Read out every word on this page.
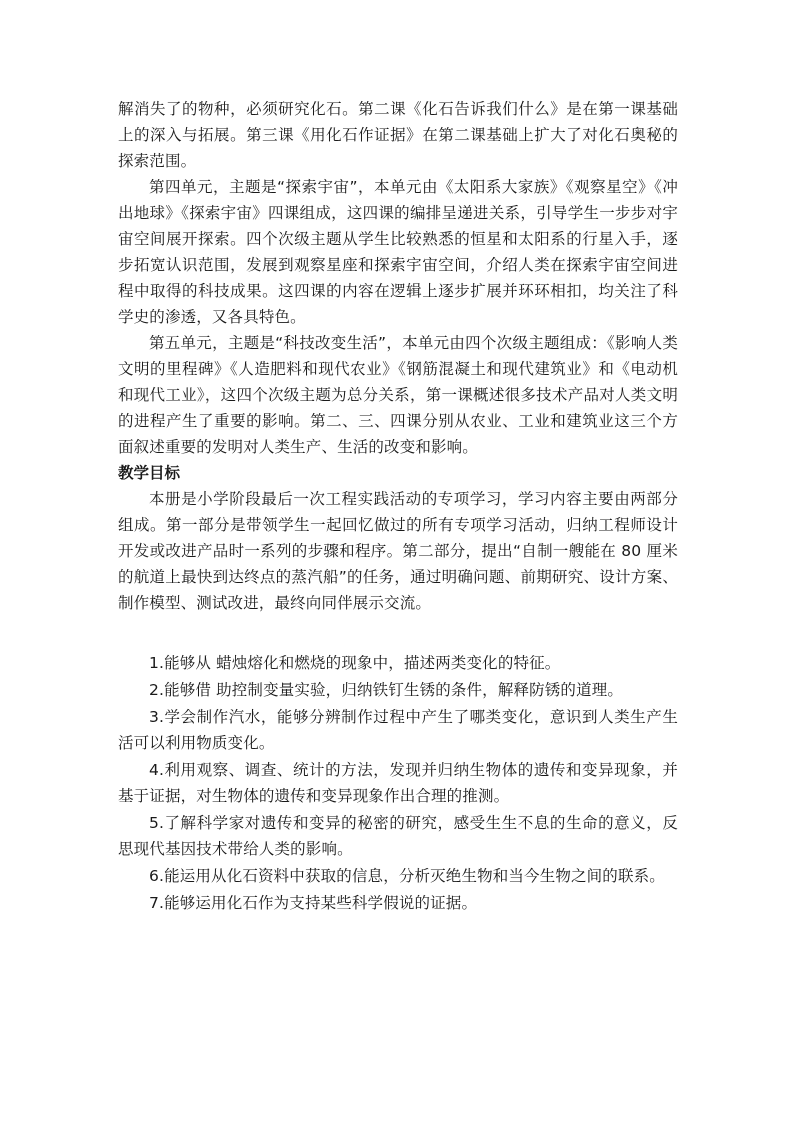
解消失了的物种，必须研究化石。第二课《化石告诉我们什么》是在第一课基础上的深入与拓展。第三课《用化石作证据》在第二课基础上扩大了对化石奥秘的探索范围。

第四单元，主题是“探索宇宙”，本单元由《太阳系大家族》《观察星空》《冲出地球》《探索宇宙》四课组成，这四课的编排呈递进关系，引导学生一步步对宇宙空间展开探索。四个次级主题从学生比较熟悉的恒星和太阳系的行星入手，逐步拓宽认识范围，发展到观察星座和探索宇宙空间，介绍人类在探索宇宙空间进程中取得的科技成果。这四课的内容在逻辑上逐步扩展并环环相扣，均关注了科学史的渗透，又各具特色。

第五单元，主题是“科技改变生活”，本单元由四个次级主题组成：《影响人类文明的里程碑》《人造肥料和现代农业》《钢筋混凝土和现代建筑业》和《电动机和现代工业》，这四个次级主题为总分关系，第一课概述很多技术产品对人类文明的进程产生了重要的影响。第二、三、四课分别从农业、工业和建筑业这三个方面叙述重要的发明对人类生产、生活的改变和影响。

教学目标

本册是小学阶段最后一次工程实践活动的专项学习，学习内容主要由两部分组成。第一部分是带领学生一起回忆做过的所有专项学习活动，归纳工程师设计开发或改进产品时一系列的步骤和程序。第二部分，提出“自制一艘能在 80 厘米的航道上最快到达终点的蒸汽船”的任务，通过明确问题、前期研究、设计方案、制作模型、测试改进，最终向同伴展示交流。

1.能够从 蜡烛熔化和燃烧的现象中，描述两类变化的特征。

2.能够借 助控制变量实验，归纳铁钉生锈的条件，解释防锈的道理。

3.学会制作汽水，能够分辨制作过程中产生了哪类变化，意识到人类生产生活可以利用物质变化。

4.利用观察、调查、统计的方法，发现并归纳生物体的遗传和变异现象，并基于证据，对生物体的遗传和变异现象作出合理的推测。

5.了解科学家对遗传和变异的秘密的研究，感受生生不息的生命的意义，反思现代基因技术带给人类的影响。

6.能运用从化石资料中获取的信息，分析灭绝生物和当今生物之间的联系。

7.能够运用化石作为支持某些科学假说的证据。
